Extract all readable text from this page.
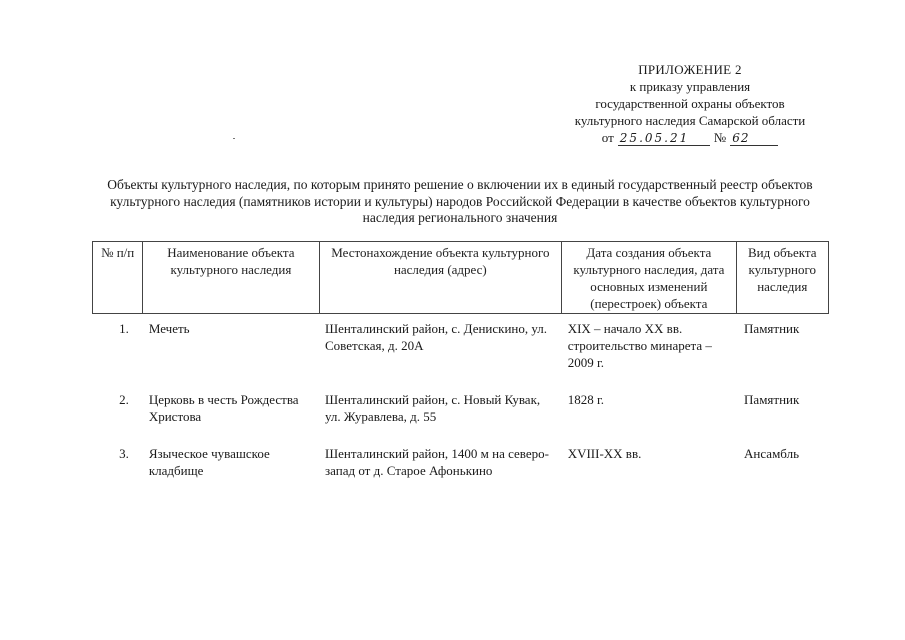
ПРИЛОЖЕНИЕ 2
к приказу управления
государственной охраны объектов
культурного наследия Самарской области
от 25.05.21	№ 62
Объекты культурного наследия, по которым принято решение о включении их в единый государственный реестр объектов культурного наследия (памятников истории и культуры) народов Российской Федерации в качестве объектов культурного наследия регионального значения
№ п/п	Наименование объекта культурного наследия	Местонахождение объекта культурного наследия (адрес)	Дата создания объекта культурного наследия, дата основных изменений (перестроек) объекта	Вид объекта культурного наследия
1.	Мечеть	Шенталинский район, с. Денискино, ул. Советская, д. 20А	XIX – начало XX вв. строительство минарета – 2009 г.	Памятник
2.	Церковь в честь Рождества Христова	Шенталинский район, с. Новый Кувак, ул. Журавлева, д. 55	1828 г.	Памятник
3.	Языческое чувашское кладбище	Шенталинский район, 1400 м на северо-запад от д. Старое Афонькино	XVIII-XX вв.	Ансамбль
